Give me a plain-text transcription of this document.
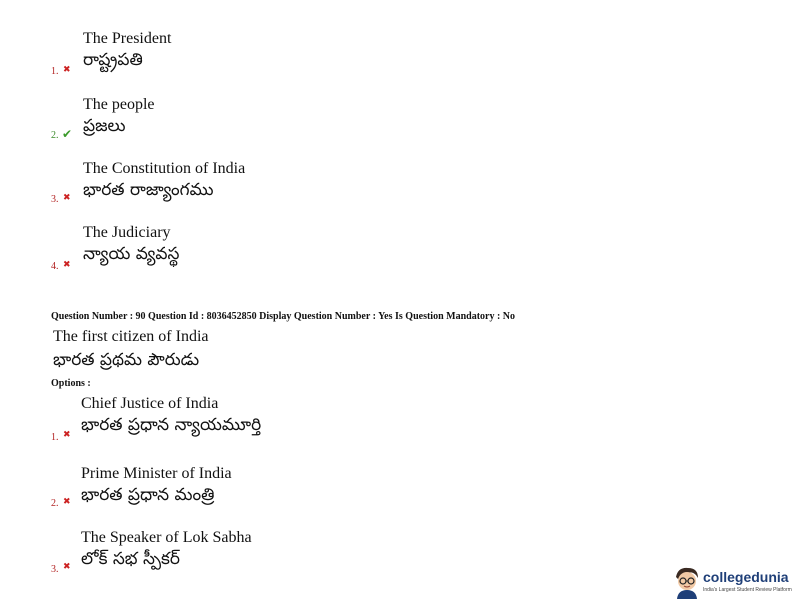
The President
రాష్ట్రపతి
1. ✖
The people
ప్రజలు
2. ✔
The Constitution of India
భారత రాజ్యాంగము
3. ✖
The Judiciary
న్యాయ వ్యవస్థ
4. ✖
Question Number : 90 Question Id : 8036452850 Display Question Number : Yes Is Question Mandatory : No
The first citizen of India
భారత ప్రథమ పౌరుడు
Options :
Chief Justice of India
భారత ప్రధాన న్యాయమూర్తి
1. ✖
Prime Minister of India
భారత ప్రధాన మంత్రి
2. ✖
The Speaker of Lok Sabha
లోక్ సభ స్పీకర్
3. ✖
collegedunia
India's Largest Student Review Platform
